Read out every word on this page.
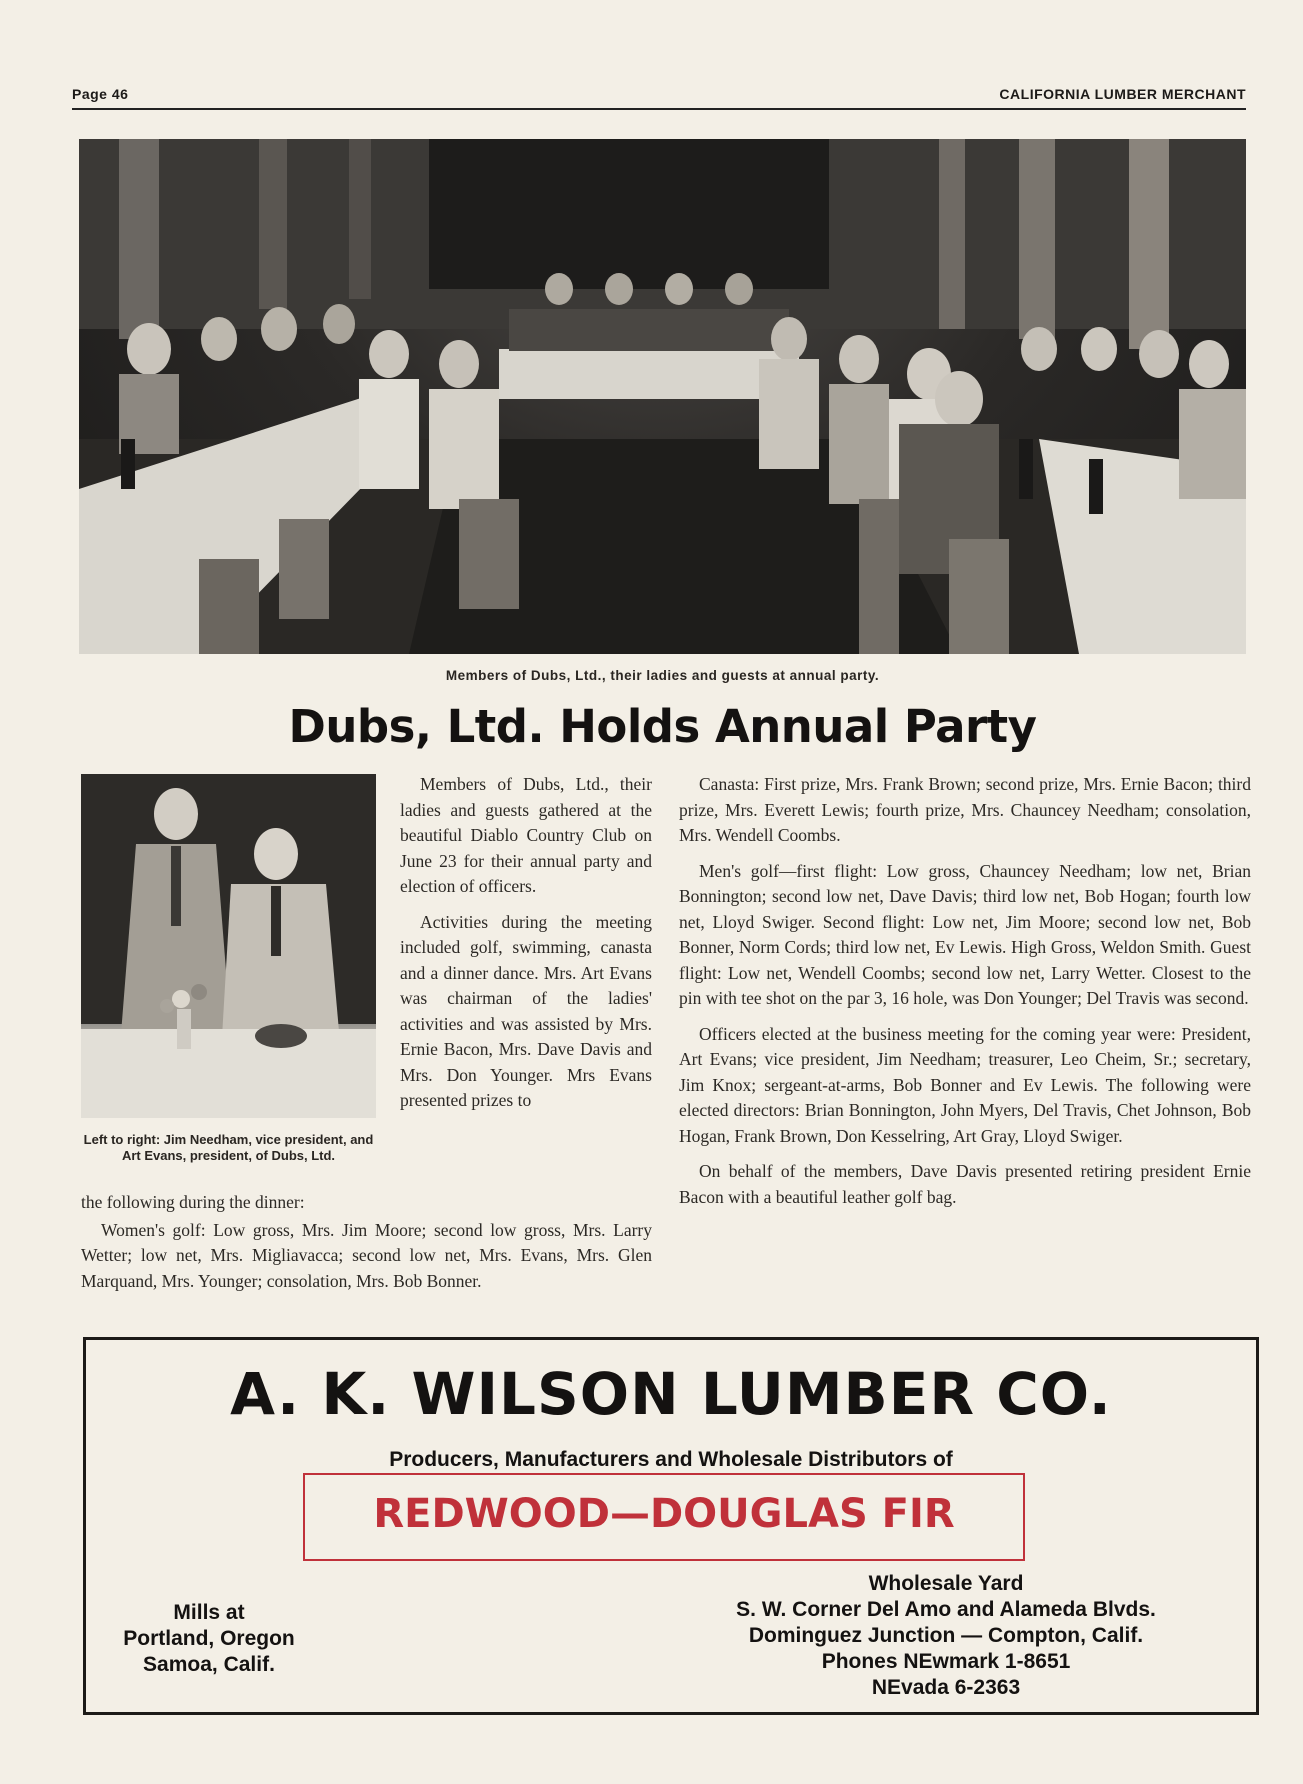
Page 46	CALIFORNIA LUMBER MERCHANT
Members of Dubs, Ltd., their ladies and guests at annual party.
Dubs, Ltd. Holds Annual Party
Left to right: Jim Needham, vice president, and Art Evans, president, of Dubs, Ltd.

Members of Dubs, Ltd., their ladies and guests gathered at the beautiful Diablo Country Club on June 23 for their annual party and election of officers.

Activities during the meeting included golf, swimming, canasta and a dinner dance. Mrs. Art Evans was chairman of the ladies' activities and was assisted by Mrs. Ernie Bacon, Mrs. Dave Davis and Mrs. Don Younger. Mrs Evans presented prizes to

the following during the dinner:

Women's golf: Low gross, Mrs. Jim Moore; second low gross, Mrs. Larry Wetter; low net, Mrs. Migliavacca; second low net, Mrs. Evans, Mrs. Glen Marquand, Mrs. Younger; consolation, Mrs. Bob Bonner.

Canasta: First prize, Mrs. Frank Brown; second prize, Mrs. Ernie Bacon; third prize, Mrs. Everett Lewis; fourth prize, Mrs. Chauncey Needham; consolation, Mrs. Wendell Coombs.

Men's golf—first flight: Low gross, Chauncey Needham; low net, Brian Bonnington; second low net, Dave Davis; third low net, Bob Hogan; fourth low net, Lloyd Swiger. Second flight: Low net, Jim Moore; second low net, Bob Bonner, Norm Cords; third low net, Ev Lewis. High Gross, Weldon Smith. Guest flight: Low net, Wendell Coombs; second low net, Larry Wetter. Closest to the pin with tee shot on the par 3, 16 hole, was Don Younger; Del Travis was second.

Officers elected at the business meeting for the coming year were: President, Art Evans; vice president, Jim Needham; treasurer, Leo Cheim, Sr.; secretary, Jim Knox; sergeant-at-arms, Bob Bonner and Ev Lewis. The following were elected directors: Brian Bonnington, John Myers, Del Travis, Chet Johnson, Bob Hogan, Frank Brown, Don Kesselring, Art Gray, Lloyd Swiger.

On behalf of the members, Dave Davis presented retiring president Ernie Bacon with a beautiful leather golf bag.

A. K. WILSON LUMBER CO.
Producers, Manufacturers and Wholesale Distributors of
REDWOOD—DOUGLAS FIR
Mills at
Portland, Oregon
Samoa, Calif.
Wholesale Yard
S. W. Corner Del Amo and Alameda Blvds.
Dominguez Junction — Compton, Calif.
Phones NEwmark 1-8651
NEvada 6-2363
